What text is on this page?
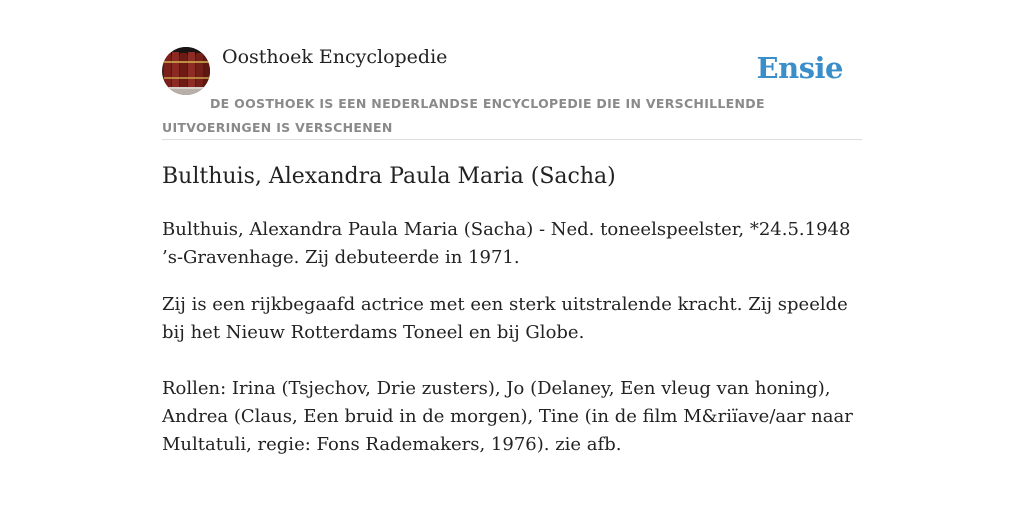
Oosthoek Encyclopedie	Ensie
DE OOSTHOEK IS EEN NEDERLANDSE ENCYCLOPEDIE DIE IN VERSCHILLENDE UITVOERINGEN IS VERSCHENEN
Bulthuis, Alexandra Paula Maria (Sacha)

Bulthuis, Alexandra Paula Maria (Sacha) - Ned. toneelspeelster, *24.5.1948 ’s-Gravenhage. Zij debuteerde in 1971.

Zij is een rijkbegaafd actrice met een sterk uitstralende kracht. Zij speelde bij het Nieuw Rotterdams Toneel en bij Globe.

Rollen: Irina (Tsjechov, Drie zusters), Jo (Delaney, Een vleug van honing), Andrea (Claus, Een bruid in de morgen), Tine (in de film M&riïave/aar naar Multatuli, regie: Fons Rademakers, 1976). zie afb.
